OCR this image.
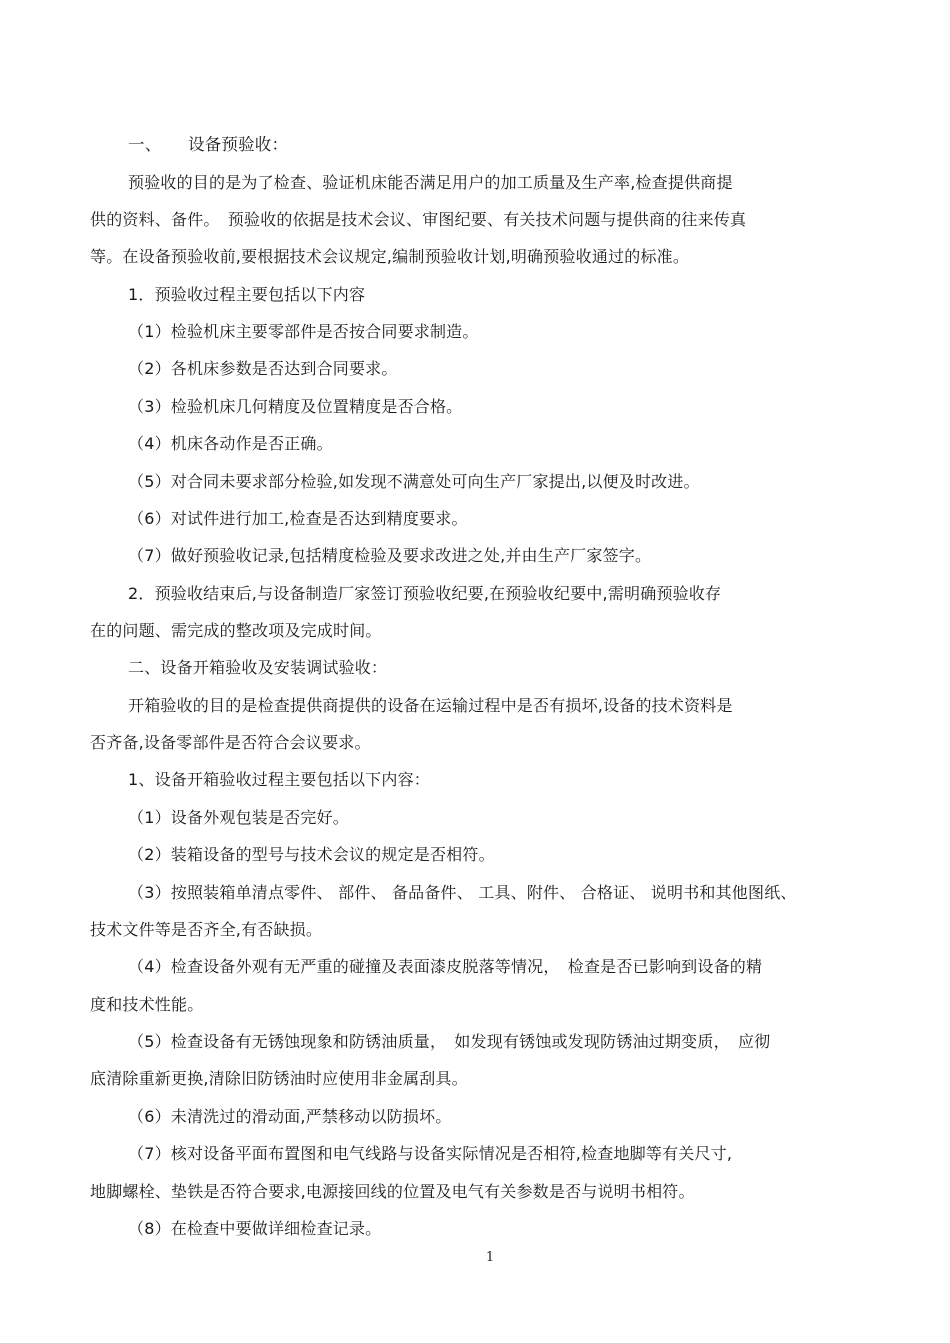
一、 设备预验收：
预验收的目的是为了检查、验证机床能否满足用户的加工质量及生产率,检查提供商提
供的资料、备件。　预验收的依据是技术会议、审图纪要、有关技术问题与提供商的往来传真
等。在设备预验收前,要根据技术会议规定,编制预验收计划,明确预验收通过的标准。
1．预验收过程主要包括以下内容
（1）检验机床主要零部件是否按合同要求制造。
（2）各机床参数是否达到合同要求。
（3）检验机床几何精度及位置精度是否合格。
（4）机床各动作是否正确。
（5）对合同未要求部分检验,如发现不满意处可向生产厂家提出,以便及时改进。
（6）对试件进行加工,检查是否达到精度要求。
（7）做好预验收记录,包括精度检验及要求改进之处,并由生产厂家签字。
2．预验收结束后,与设备制造厂家签订预验收纪要,在预验收纪要中,需明确预验收存
在的问题、需完成的整改项及完成时间。
二、设备开箱验收及安装调试验收：
开箱验收的目的是检查提供商提供的设备在运输过程中是否有损坏,设备的技术资料是
否齐备,设备零部件是否符合会议要求。
1、设备开箱验收过程主要包括以下内容：
（1）设备外观包装是否完好。
（2）装箱设备的型号与技术会议的规定是否相符。
（3）按照装箱单清点零件、 部件、 备品备件、 工具、附件、 合格证、 说明书和其他图纸、
技术文件等是否齐全,有否缺损。
（4）检查设备外观有无严重的碰撞及表面漆皮脱落等情况，　检查是否已影响到设备的精
度和技术性能。
（5）检查设备有无锈蚀现象和防锈油质量，　如发现有锈蚀或发现防锈油过期变质，　应彻
底清除重新更换,清除旧防锈油时应使用非金属刮具。
（6）未清洗过的滑动面,严禁移动以防损坏。
（7）核对设备平面布置图和电气线路与设备实际情况是否相符,检查地脚等有关尺寸,
地脚螺栓、垫铁是否符合要求,电源接回线的位置及电气有关参数是否与说明书相符。
（8）在检查中要做详细检查记录。
1
